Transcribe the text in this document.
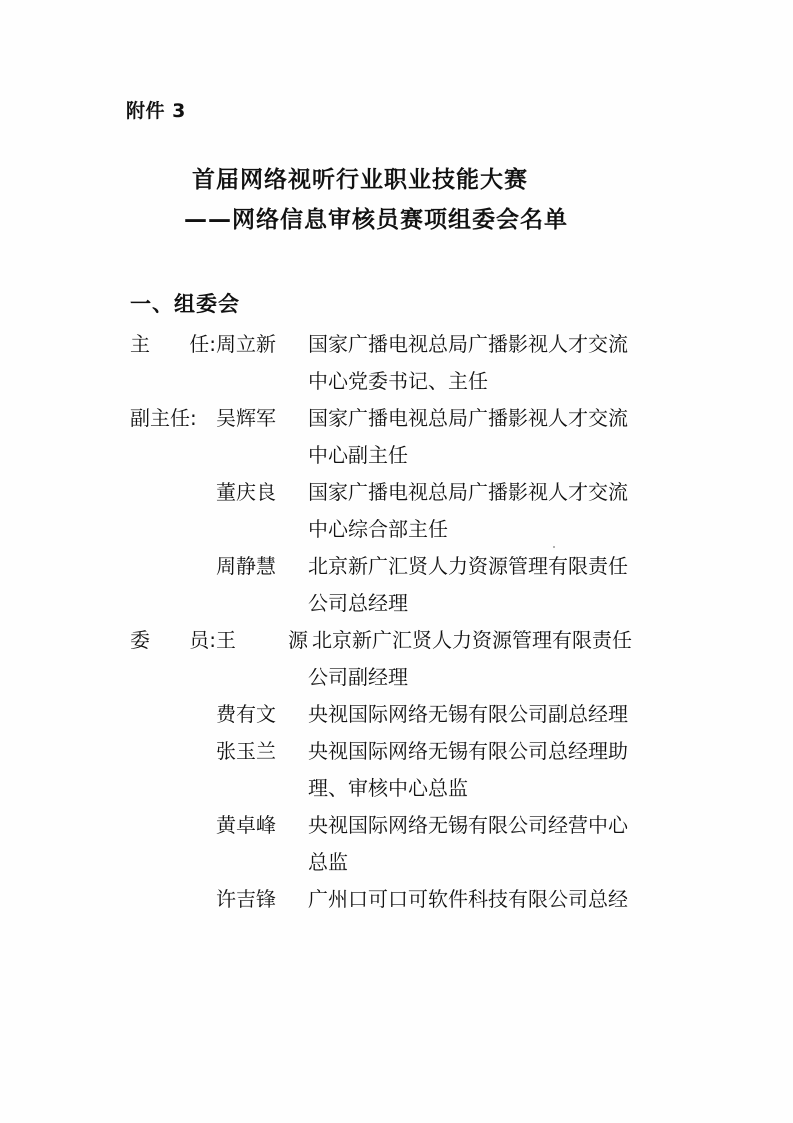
附件 3
首届网络视听行业职业技能大赛
——网络信息审核员赛项组委会名单
一、组委会
主 任: 周立新	国家广播电视总局广播影视人才交流
中心党委书记、主任
副主任: 吴辉军	国家广播电视总局广播影视人才交流
中心副主任
董庆良	国家广播电视总局广播影视人才交流
中心综合部主任
周静慧	北京新广汇贤人力资源管理有限责任
公司总经理
委 员: 王	源 北京新广汇贤人力资源管理有限责任
公司副经理
费有文	央视国际网络无锡有限公司副总经理
张玉兰	央视国际网络无锡有限公司总经理助
理、审核中心总监
黄卓峰	央视国际网络无锡有限公司经营中心
总监
许吉锋	广州口可口可软件科技有限公司总经
